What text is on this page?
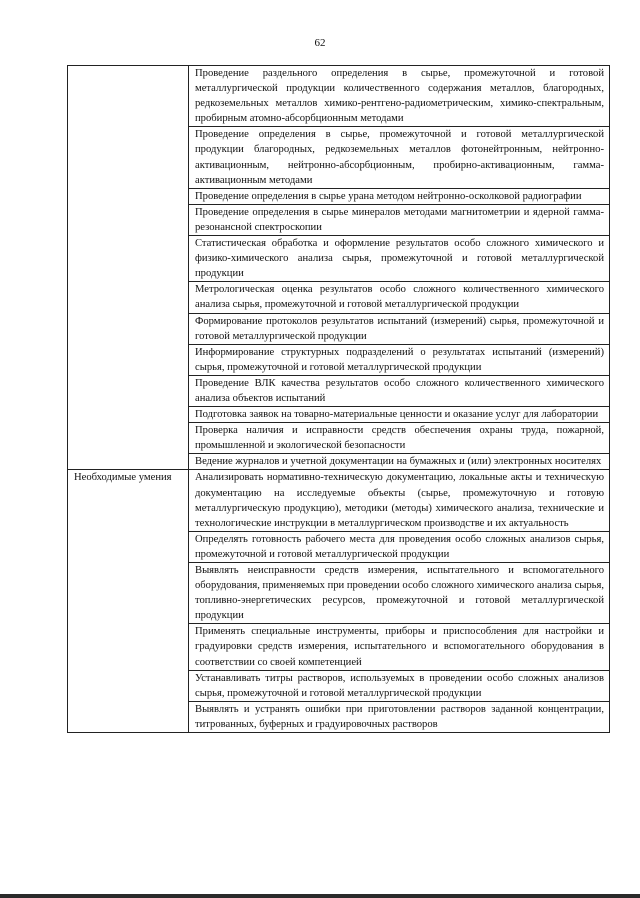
62
	Проведение раздельного определения в сырье, промежуточной и готовой металлургической продукции количественного содержания металлов, благородных, редкоземельных металлов химико-рентгено-радиометрическим, химико-спектральным, пробирным атомно-абсорбционным методами
	Проведение определения в сырье, промежуточной и готовой металлургической продукции благородных, редкоземельных металлов фотонейтронным, нейтронно-активационным, нейтронно-абсорбционным, пробирно-активационным, гамма-активационным методами
	Проведение определения в сырье урана методом нейтронно-осколковой радиографии
	Проведение определения в сырье минералов методами магнитометрии и ядерной гамма-резонансной спектроскопии
	Статистическая обработка и оформление результатов особо сложного химического и физико-химического анализа сырья, промежуточной и готовой металлургической продукции
	Метрологическая оценка результатов особо сложного количественного химического анализа сырья, промежуточной и готовой металлургической продукции
	Формирование протоколов результатов испытаний (измерений) сырья, промежуточной и готовой металлургической продукции
	Информирование структурных подразделений о результатах испытаний (измерений) сырья, промежуточной и готовой металлургической продукции
	Проведение ВЛК качества результатов особо сложного количественного химического анализа объектов испытаний
	Подготовка заявок на товарно-материальные ценности и оказание услуг для лаборатории
	Проверка наличия и исправности средств обеспечения охраны труда, пожарной, промышленной и экологической безопасности
	Ведение журналов и учетной документации на бумажных и (или) электронных носителях
Необходимые умения	Анализировать нормативно-техническую документацию, локальные акты и техническую документацию на исследуемые объекты (сырье, промежуточную и готовую металлургическую продукцию), методики (методы) химического анализа, технические и технологические инструкции в металлургическом производстве и их актуальность
	Определять готовность рабочего места для проведения особо сложных анализов сырья, промежуточной и готовой металлургической продукции
	Выявлять неисправности средств измерения, испытательного и вспомогательного оборудования, применяемых при проведении особо сложного химического анализа сырья, топливно-энергетических ресурсов, промежуточной и готовой металлургической продукции
	Применять специальные инструменты, приборы и приспособления для настройки и градуировки средств измерения, испытательного и вспомогательного оборудования в соответствии со своей компетенцией
	Устанавливать титры растворов, используемых в проведении особо сложных анализов сырья, промежуточной и готовой металлургической продукции
	Выявлять и устранять ошибки при приготовлении растворов заданной концентрации, титрованных, буферных и градуировочных растворов
